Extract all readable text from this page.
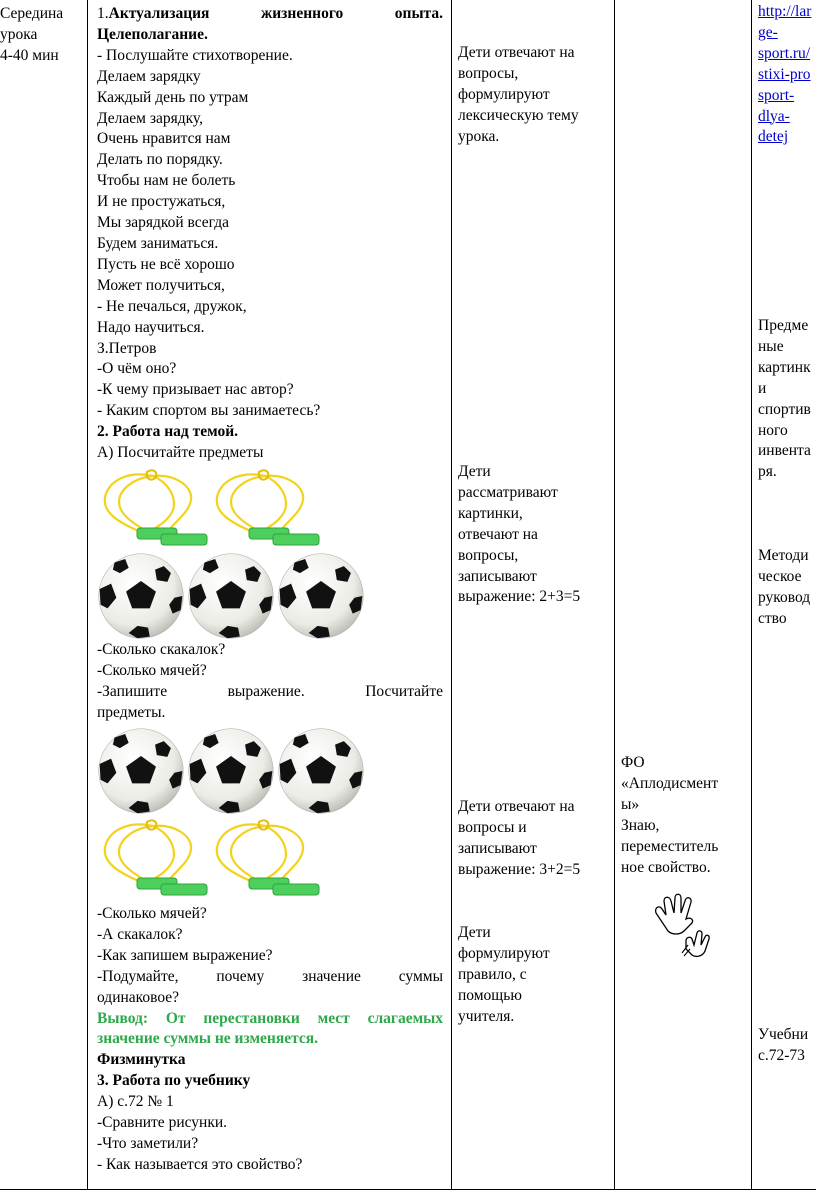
Середина
урока
4-40 мин
1.Актуализация жизненного опыта.
Целеполагание.
- Послушайте стихотворение.
Делаем зарядку
Каждый день по утрам
Делаем зарядку,
Очень нравится нам
Делать по порядку.
Чтобы нам не болеть
И не простужаться,
Мы зарядкой всегда
Будем заниматься.
Пусть не всё хорошо
Может получиться,
- Не печалься, дружок,
Надо научиться.
З.Петров
-О чём оно?
-К чему призывает нас автор?
- Каким спортом вы занимаетесь?
2. Работа над темой.
А) Посчитайте предметы
-Сколько скакалок?
-Сколько мячей?
-Запишите выражение. Посчитайте
предметы.
-Сколько мячей?
-А скакалок?
-Как запишем выражение?
-Подумайте, почему значение суммы
одинаковое?
Вывод: От перестановки мест слагаемых
значение суммы не изменяется.
Физминутка
3. Работа по учебнику
А) с.72 № 1
-Сравните рисунки.
-Что заметили?
- Как называется это свойство?
Дети отвечают на
вопросы,
формулируют
лексическую тему
урока.
Дети
рассматривают
картинки,
отвечают на
вопросы,
записывают
выражение: 2+3=5
Дети отвечают на
вопросы и
записывают
выражение: 3+2=5
Дети
формулируют
правило, с
помощью
учителя.
ФО
«Аплодисмент
ы»
Знаю,
переместитель
ное свойство.
http://lar
ge-
sport.ru/
stixi-pro
sport-
dlya-
detej
Предме
ные
картинк
и
спортив
ного
инвента
ря.
Методи
ческое
руковод
ство
Учебни
с.72-73
